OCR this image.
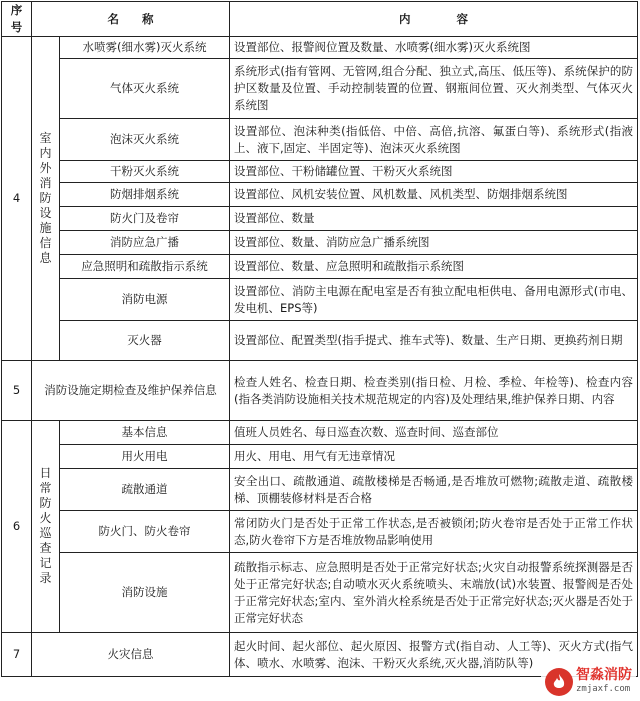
序号	名　　称		内　　　　容
4	室内外消防设施信息	水喷雾(细水雾)灭火系统	设置部位、报警阀位置及数量、水喷雾(细水雾)灭火系统图
		气体灭火系统	系统形式(指有管网、无管网,组合分配、独立式,高压、低压等)、系统保护的防护区数量及位置、手动控制装置的位置、钢瓶间位置、灭火剂类型、气体灭火系统图
		泡沫灭火系统	设置部位、泡沫种类(指低倍、中倍、高倍,抗溶、氟蛋白等)、系统形式(指液上、液下,固定、半固定等)、泡沫灭火系统图
		干粉灭火系统	设置部位、干粉储罐位置、干粉灭火系统图
		防烟排烟系统	设置部位、风机安装位置、风机数量、风机类型、防烟排烟系统图
		防火门及卷帘	设置部位、数量
		消防应急广播	设置部位、数量、消防应急广播系统图
		应急照明和疏散指示系统	设置部位、数量、应急照明和疏散指示系统图
		消防电源	设置部位、消防主电源在配电室是否有独立配电柜供电、备用电源形式(市电、发电机、EPS等)
		灭火器	设置部位、配置类型(指手提式、推车式等)、数量、生产日期、更换药剂日期
5	消防设施定期检查及维护保养信息		检查人姓名、检查日期、检查类别(指日检、月检、季检、年检等)、检查内容(指各类消防设施相关技术规范规定的内容)及处理结果,维护保养日期、内容
6	日常防火巡查记录	基本信息	值班人员姓名、每日巡查次数、巡查时间、巡查部位
		用火用电	用火、用电、用气有无违章情况
		疏散通道	安全出口、疏散通道、疏散楼梯是否畅通,是否堆放可燃物;疏散走道、疏散楼梯、顶棚装修材料是否合格
		防火门、防火卷帘	常闭防火门是否处于正常工作状态,是否被锁闭;防火卷帘是否处于正常工作状态,防火卷帘下方是否堆放物品影响使用
		消防设施	疏散指示标志、应急照明是否处于正常完好状态;火灾自动报警系统探测器是否处于正常完好状态;自动喷水灭火系统喷头、末端放(试)水装置、报警阀是否处于正常完好状态;室内、室外消火栓系统是否处于正常完好状态;灭火器是否处于正常完好状态
7	火灾信息		起火时间、起火部位、起火原因、报警方式(指自动、人工等)、灭火方式(指气体、喷水、水喷雾、泡沫、干粉灭火系统,灭火器,消防队等)
智淼消防
zmjaxf.com
